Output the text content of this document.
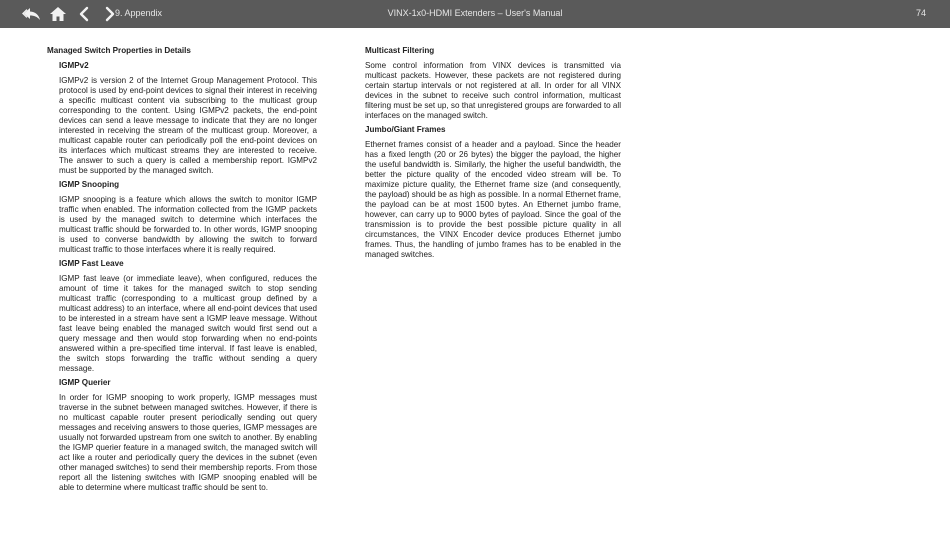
9. Appendix	VINX-1x0-HDMI Extenders – User's Manual	74
Managed Switch Properties in Details
IGMPv2

IGMPv2 is version 2 of the Internet Group Management Protocol. This protocol is used by end-point devices to signal their interest in receiving a specific multicast content via subscribing to the multicast group corresponding to the content. Using IGMPv2 packets, the end-point devices can send a leave message to indicate that they are no longer interested in receiving the stream of the multicast group. Moreover, a multicast capable router can periodically poll the end-point devices on its interfaces which multicast streams they are interested to receive. The answer to such a query is called a membership report. IGMPv2 must be supported by the managed switch.

IGMP Snooping

IGMP snooping is a feature which allows the switch to monitor IGMP traffic when enabled. The information collected from the IGMP packets is used by the managed switch to determine which interfaces the multicast traffic should be forwarded to. In other words, IGMP snooping is used to converse bandwidth by allowing the switch to forward multicast traffic to those interfaces where it is really required.

IGMP Fast Leave

IGMP fast leave (or immediate leave), when configured, reduces the amount of time it takes for the managed switch to stop sending multicast traffic (corresponding to a multicast group defined by a multicast address) to an interface, where all end-point devices that used to be interested in a stream have sent a IGMP leave message. Without fast leave being enabled the managed switch would first send out a query message and then would stop forwarding when no end-points answered within a pre-specified time interval. If fast leave is enabled, the switch stops forwarding the traffic without sending a query message.

IGMP Querier

In order for IGMP snooping to work properly, IGMP messages must traverse in the subnet between managed switches. However, if there is no multicast capable router present periodically sending out query messages and receiving answers to those queries, IGMP messages are usually not forwarded upstream from one switch to another. By enabling the IGMP querier feature in a managed switch, the managed switch will act like a router and periodically query the devices in the subnet (even other managed switches) to send their membership reports. From those report all the listening switches with IGMP snooping enabled will be able to determine where multicast traffic should be sent to.

Multicast Filtering

Some control information from VINX devices is transmitted via multicast packets. However, these packets are not registered during certain startup intervals or not registered at all. In order for all VINX devices in the subnet to receive such control information, multicast filtering must be set up, so that unregistered groups are forwarded to all interfaces on the managed switch.

Jumbo/Giant Frames

Ethernet frames consist of a header and a payload. Since the header has a fixed length (20 or 26 bytes) the bigger the payload, the higher the useful bandwidth is. Similarly, the higher the useful bandwidth, the better the picture quality of the encoded video stream will be. To maximize picture quality, the Ethernet frame size (and consequently, the payload) should be as high as possible. In a normal Ethernet frame, the payload can be at most 1500 bytes. An Ethernet jumbo frame, however, can carry up to 9000 bytes of payload. Since the goal of the transmission is to provide the best possible picture quality in all circumstances, the VINX Encoder device produces Ethernet jumbo frames. Thus, the handling of jumbo frames has to be enabled in the managed switches.
